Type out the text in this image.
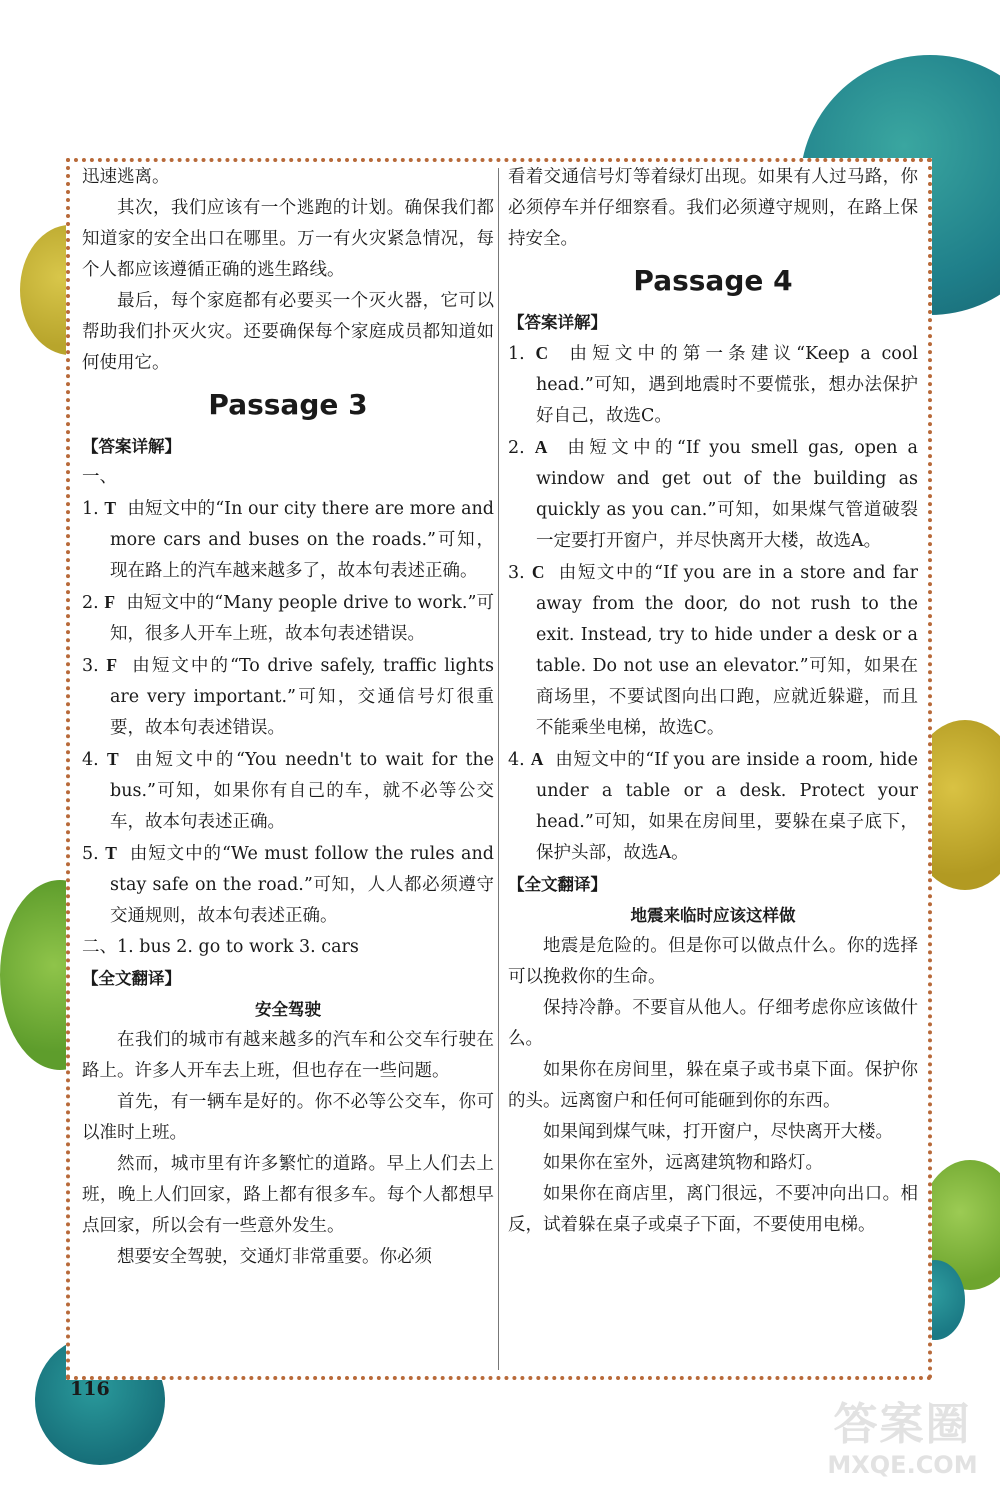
迅速逃离。

其次，我们应该有一个逃跑的计划。确保我们都知道家的安全出口在哪里。万一有火灾紧急情况，每个人都应该遵循正确的逃生路线。

最后，每个家庭都有必要买一个灭火器，它可以帮助我们扑灭火灾。还要确保每个家庭成员都知道如何使用它。

Passage 3
【答案详解】
一、

1. T 由短文中的“In our city there are more and more cars and buses on the roads.”可知，现在路上的汽车越来越多了，故本句表述正确。

2. F 由短文中的“Many people drive to work.”可知，很多人开车上班，故本句表述错误。

3. F 由短文中的“To drive safely, traffic lights are very important.”可知，交通信号灯很重要，故本句表述错误。

4. T 由短文中的“You needn't to wait for the bus.”可知，如果你有自己的车，就不必等公交车，故本句表述正确。

5. T 由短文中的“We must follow the rules and stay safe on the road.”可知，人人都必须遵守交通规则，故本句表述正确。

二、1. bus 2. go to work 3. cars

【全文翻译】
安全驾驶

在我们的城市有越来越多的汽车和公交车行驶在路上。许多人开车去上班，但也存在一些问题。

首先，有一辆车是好的。你不必等公交车，你可以准时上班。

然而，城市里有许多繁忙的道路。早上人们去上班，晚上人们回家，路上都有很多车。每个人都想早点回家，所以会有一些意外发生。

想要安全驾驶，交通灯非常重要。你必须

看着交通信号灯等着绿灯出现。如果有人过马路，你必须停车并仔细察看。我们必须遵守规则，在路上保持安全。

Passage 4
【答案详解】

1. C 由短文中的第一条建议“Keep a cool head.”可知，遇到地震时不要慌张，想办法保护好自己，故选C。

2. A 由短文中的“If you smell gas, open a window and get out of the building as quickly as you can.”可知，如果煤气管道破裂一定要打开窗户，并尽快离开大楼，故选A。

3. C 由短文中的“If you are in a store and far away from the door, do not rush to the exit. Instead, try to hide under a desk or a table. Do not use an elevator.”可知，如果在商场里，不要试图向出口跑，应就近躲避，而且不能乘坐电梯，故选C。

4. A 由短文中的“If you are inside a room, hide under a table or a desk. Protect your head.”可知，如果在房间里，要躲在桌子底下，保护头部，故选A。

【全文翻译】
地震来临时应该这样做

地震是危险的。但是你可以做点什么。你的选择可以挽救你的生命。

保持冷静。不要盲从他人。仔细考虑你应该做什么。

如果你在房间里，躲在桌子或书桌下面。保护你的头。远离窗户和任何可能砸到你的东西。

如果闻到煤气味，打开窗户，尽快离开大楼。

如果你在室外，远离建筑物和路灯。

如果你在商店里，离门很远，不要冲向出口。相反，试着躲在桌子或桌子下面，不要使用电梯。

116
答案圈
MXQE.COM
